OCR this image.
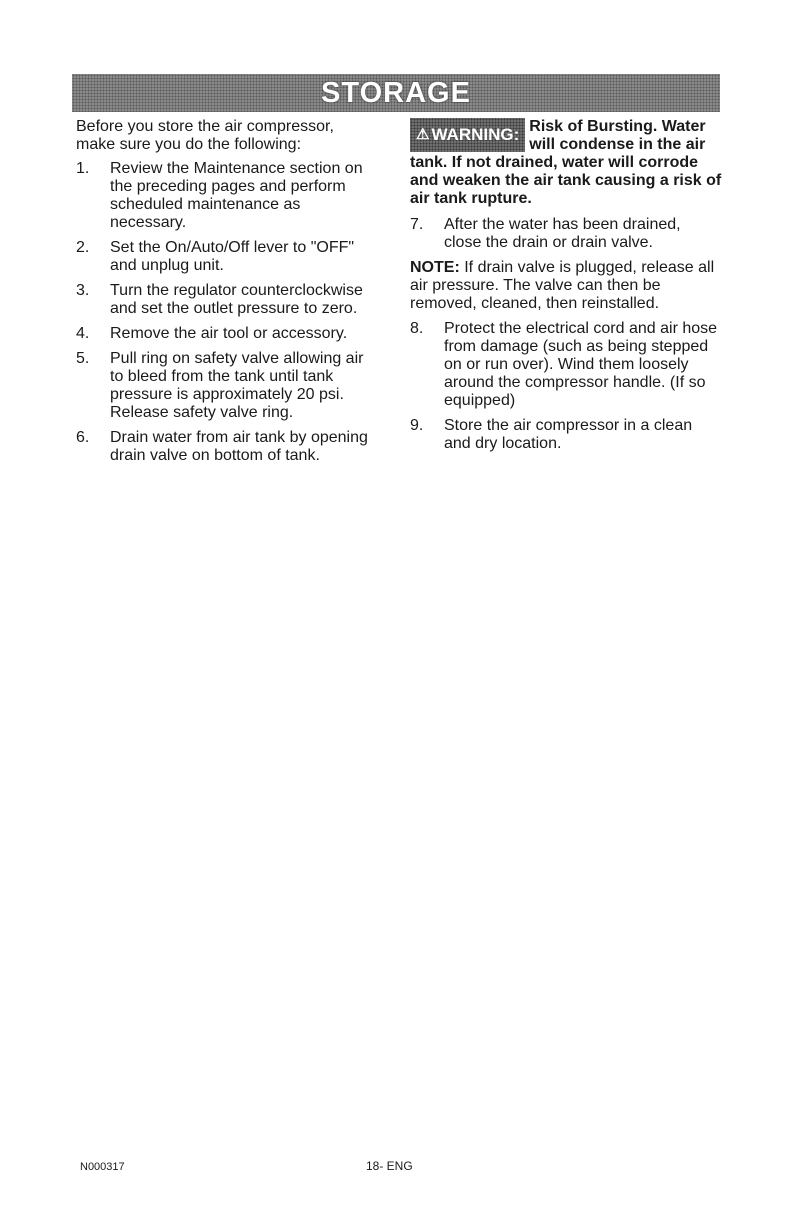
STORAGE

Before you store the air compressor, make sure you do the following:

1.	Review the Maintenance section on the preceding pages and perform scheduled maintenance as necessary.
2.	Set the On/Auto/Off lever to "OFF" and unplug unit.
3.	Turn the regulator counterclockwise and set the outlet pressure to zero.
4.	Remove the air tool or accessory.
5.	Pull ring on safety valve allowing air to bleed from the tank until tank pressure is approximately 20 psi. Release safety valve ring.
6.	Drain water from air tank by opening drain valve on bottom of tank.
⚠ WARNING: Risk of Bursting. Water will condense in the air tank. If not drained, water will corrode and weaken the air tank causing a risk of air tank rupture.
7.	After the water has been drained, close the drain or drain valve.

NOTE: If drain valve is plugged, release all air pressure. The valve can then be removed, cleaned, then reinstalled.

8.	Protect the electrical cord and air hose from damage (such as being stepped on or run over). Wind them loosely around the compressor handle. (If so equipped)
9.	Store the air compressor in a clean and dry location.
N000317	18- ENG
